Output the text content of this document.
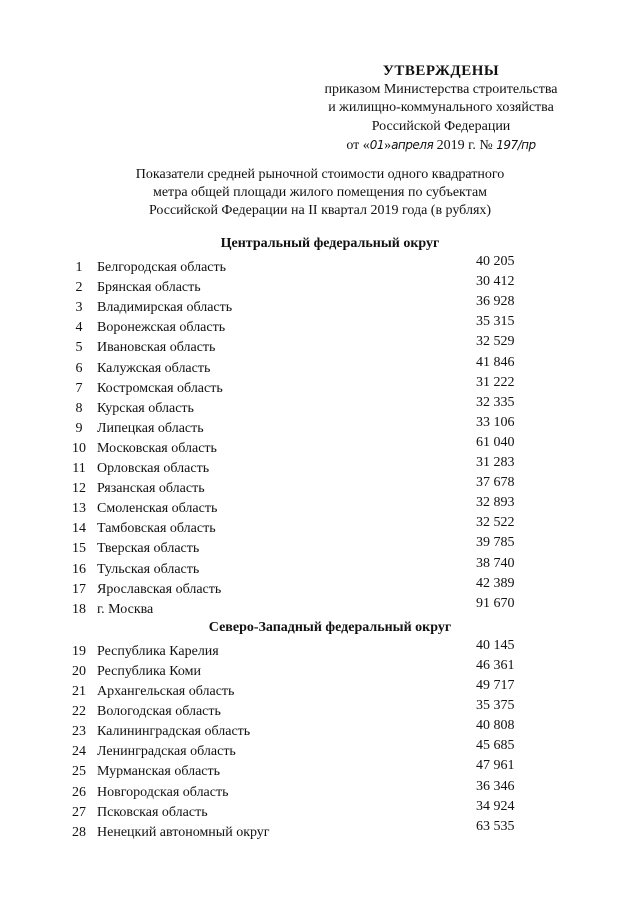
УТВЕРЖДЕНЫ
приказом Министерства строительства
и жилищно-коммунального хозяйства
Российской Федерации
от «01»апреля 2019 г. № 197/пр
Показатели средней рыночной стоимости одного квадратного
метра общей площади жилого помещения по субъектам
Российской Федерации на II квартал 2019 года (в рублях)
Центральный федеральный округ
1	Белгородская область	40 205
2	Брянская область	30 412
3	Владимирская область	36 928
4	Воронежская область	35 315
5	Ивановская область	32 529
6	Калужская область	41 846
7	Костромская область	31 222
8	Курская область	32 335
9	Липецкая область	33 106
10 Московская область	61 040
11 Орловская область	31 283
12 Рязанская область	37 678
13 Смоленская область	32 893
14 Тамбовская область	32 522
15 Тверская область	39 785
16 Тульская область	38 740
17 Ярославская область	42 389
18 г. Москва	91 670
Северо-Западный федеральный округ
19 Республика Карелия	40 145
20 Республика Коми	46 361
21 Архангельская область	49 717
22 Вологодская область	35 375
23 Калининградская область	40 808
24 Ленинградская область	45 685
25 Мурманская область	47 961
26 Новгородская область	36 346
27 Псковская область	34 924
28 Ненецкий автономный округ	63 535
